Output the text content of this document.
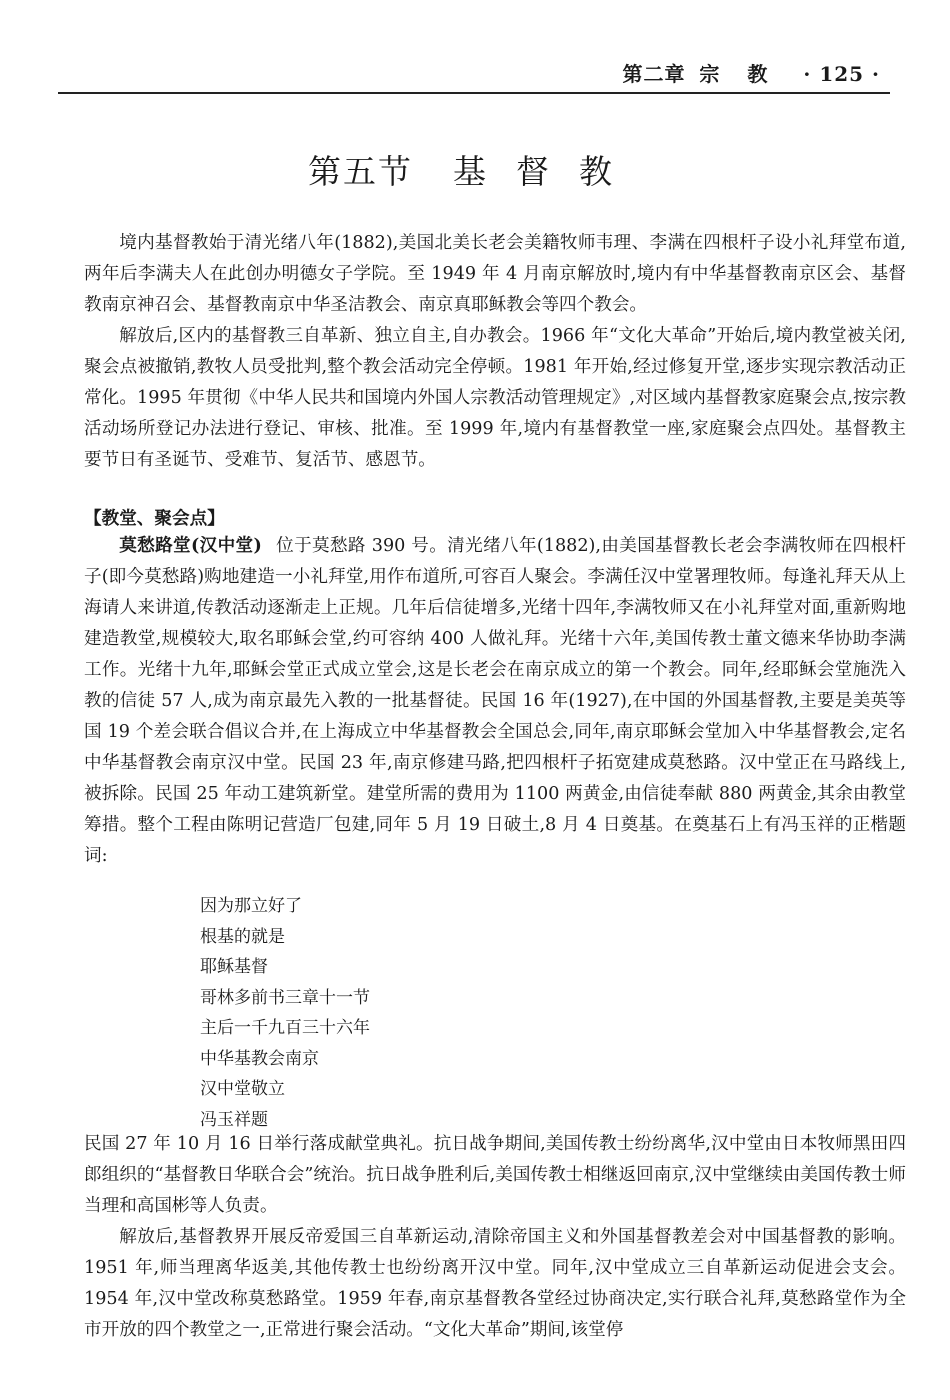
第二章 宗教 · 125 ·
第五节 基督教

境内基督教始于清光绪八年(1882),美国北美长老会美籍牧师韦理、李满在四根杆子设小礼拜堂布道,两年后李满夫人在此创办明德女子学院。至 1949 年 4 月南京解放时,境内有中华基督教南京区会、基督教南京神召会、基督教南京中华圣洁教会、南京真耶稣教会等四个教会。

解放后,区内的基督教三自革新、独立自主,自办教会。1966 年“文化大革命”开始后,境内教堂被关闭,聚会点被撤销,教牧人员受批判,整个教会活动完全停顿。1981 年开始,经过修复开堂,逐步实现宗教活动正常化。1995 年贯彻《中华人民共和国境内外国人宗教活动管理规定》,对区域内基督教家庭聚会点,按宗教活动场所登记办法进行登记、审核、批准。至 1999 年,境内有基督教堂一座,家庭聚会点四处。基督教主要节日有圣诞节、受难节、复活节、感恩节。

【教堂、聚会点】

莫愁路堂(汉中堂) 位于莫愁路 390 号。清光绪八年(1882),由美国基督教长老会李满牧师在四根杆子(即今莫愁路)购地建造一小礼拜堂,用作布道所,可容百人聚会。李满任汉中堂署理牧师。每逢礼拜天从上海请人来讲道,传教活动逐渐走上正规。几年后信徒增多,光绪十四年,李满牧师又在小礼拜堂对面,重新购地建造教堂,规模较大,取名耶稣会堂,约可容纳 400 人做礼拜。光绪十六年,美国传教士董文德来华协助李满工作。光绪十九年,耶稣会堂正式成立堂会,这是长老会在南京成立的第一个教会。同年,经耶稣会堂施洗入教的信徒 57 人,成为南京最先入教的一批基督徒。民国 16 年(1927),在中国的外国基督教,主要是美英等国 19 个差会联合倡议合并,在上海成立中华基督教会全国总会,同年,南京耶稣会堂加入中华基督教会,定名中华基督教会南京汉中堂。民国 23 年,南京修建马路,把四根杆子拓宽建成莫愁路。汉中堂正在马路线上,被拆除。民国 25 年动工建筑新堂。建堂所需的费用为 1100 两黄金,由信徒奉献 880 两黄金,其余由教堂筹措。整个工程由陈明记营造厂包建,同年 5 月 19 日破土,8 月 4 日奠基。在奠基石上有冯玉祥的正楷题词:

因为那立好了
根基的就是
耶稣基督
哥林多前书三章十一节
主后一千九百三十六年
中华基教会南京
汉中堂敬立
冯玉祥题

民国 27 年 10 月 16 日举行落成献堂典礼。抗日战争期间,美国传教士纷纷离华,汉中堂由日本牧师黑田四郎组织的“基督教日华联合会”统治。抗日战争胜利后,美国传教士相继返回南京,汉中堂继续由美国传教士师当理和高国彬等人负责。

解放后,基督教界开展反帝爱国三自革新运动,清除帝国主义和外国基督教差会对中国基督教的影响。1951 年,师当理离华返美,其他传教士也纷纷离开汉中堂。同年,汉中堂成立三自革新运动促进会支会。1954 年,汉中堂改称莫愁路堂。1959 年春,南京基督教各堂经过协商决定,实行联合礼拜,莫愁路堂作为全市开放的四个教堂之一,正常进行聚会活动。“文化大革命”期间,该堂停
